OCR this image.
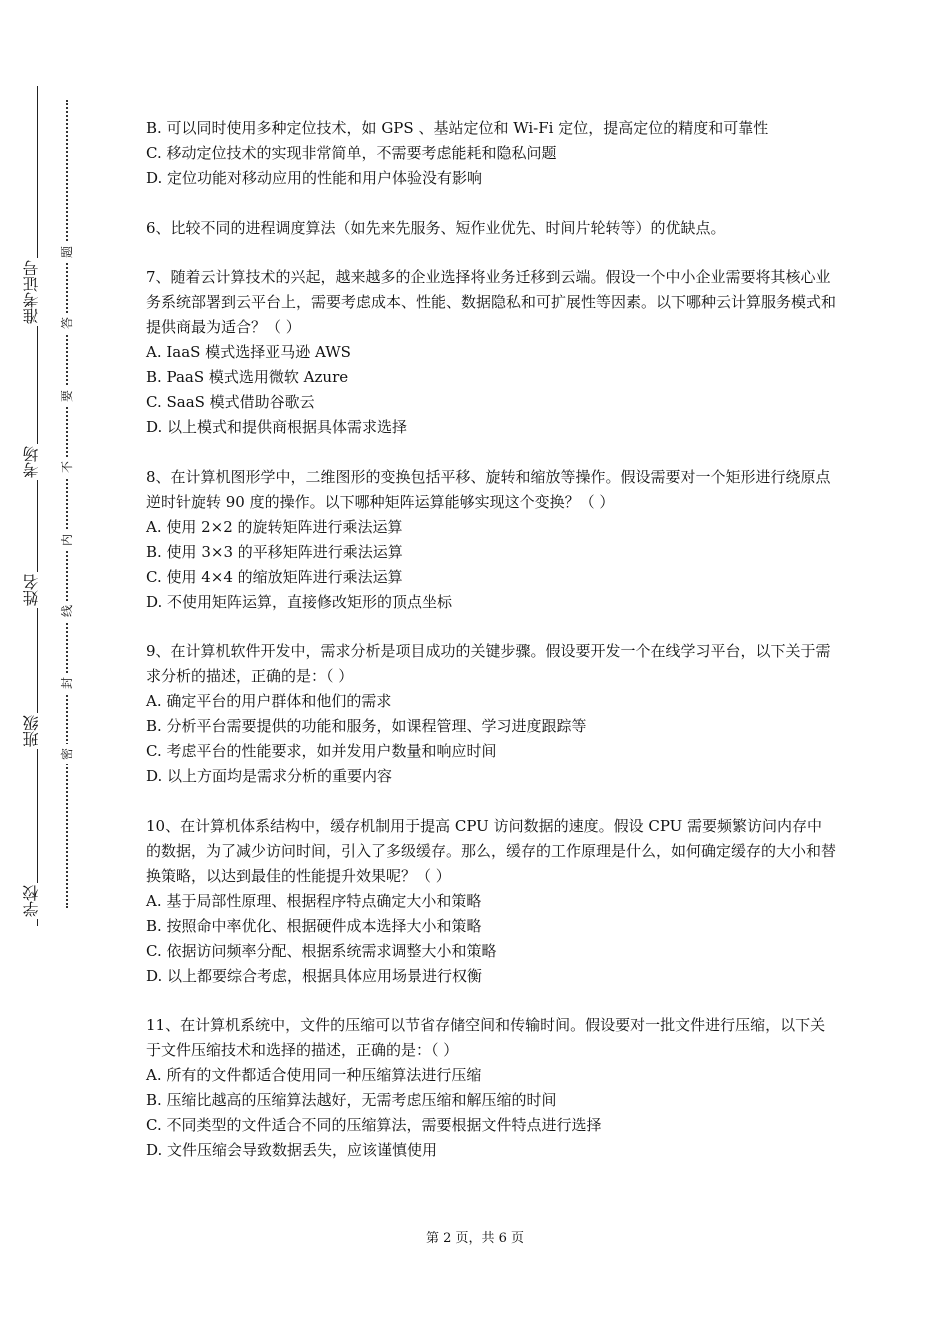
准考证号
考场
姓名
班级
学校
题
答
要
不
内
线
封
密

B. 可以同时使用多种定位技术，如 GPS 、基站定位和 Wi-Fi 定位，提高定位的精度和可靠性

C. 移动定位技术的实现非常简单，不需要考虑能耗和隐私问题

D. 定位功能对移动应用的性能和用户体验没有影响

6、比较不同的进程调度算法（如先来先服务、短作业优先、时间片轮转等）的优缺点。

7、随着云计算技术的兴起，越来越多的企业选择将业务迁移到云端。假设一个中小企业需要将其核心业务系统部署到云平台上，需要考虑成本、性能、数据隐私和可扩展性等因素。以下哪种云计算服务模式和提供商最为适合？（ ）

A. IaaS 模式选择亚马逊 AWS

B. PaaS 模式选用微软 Azure

C. SaaS 模式借助谷歌云

D. 以上模式和提供商根据具体需求选择

8、在计算机图形学中，二维图形的变换包括平移、旋转和缩放等操作。假设需要对一个矩形进行绕原点逆时针旋转 90 度的操作。以下哪种矩阵运算能够实现这个变换？（ ）

A. 使用 2×2 的旋转矩阵进行乘法运算

B. 使用 3×3 的平移矩阵进行乘法运算

C. 使用 4×4 的缩放矩阵进行乘法运算

D. 不使用矩阵运算，直接修改矩形的顶点坐标

9、在计算机软件开发中，需求分析是项目成功的关键步骤。假设要开发一个在线学习平台，以下关于需求分析的描述，正确的是：（ ）

A. 确定平台的用户群体和他们的需求

B. 分析平台需要提供的功能和服务，如课程管理、学习进度跟踪等

C. 考虑平台的性能要求，如并发用户数量和响应时间

D. 以上方面均是需求分析的重要内容

10、在计算机体系结构中，缓存机制用于提高 CPU 访问数据的速度。假设 CPU 需要频繁访问内存中的数据，为了减少访问时间，引入了多级缓存。那么，缓存的工作原理是什么，如何确定缓存的大小和替换策略，以达到最佳的性能提升效果呢？（ ）

A. 基于局部性原理、根据程序特点确定大小和策略

B. 按照命中率优化、根据硬件成本选择大小和策略

C. 依据访问频率分配、根据系统需求调整大小和策略

D. 以上都要综合考虑，根据具体应用场景进行权衡

11、在计算机系统中，文件的压缩可以节省存储空间和传输时间。假设要对一批文件进行压缩，以下关于文件压缩技术和选择的描述，正确的是：（ ）

A. 所有的文件都适合使用同一种压缩算法进行压缩

B. 压缩比越高的压缩算法越好，无需考虑压缩和解压缩的时间

C. 不同类型的文件适合不同的压缩算法，需要根据文件特点进行选择

D. 文件压缩会导致数据丢失，应该谨慎使用

第 2 页，共 6 页
